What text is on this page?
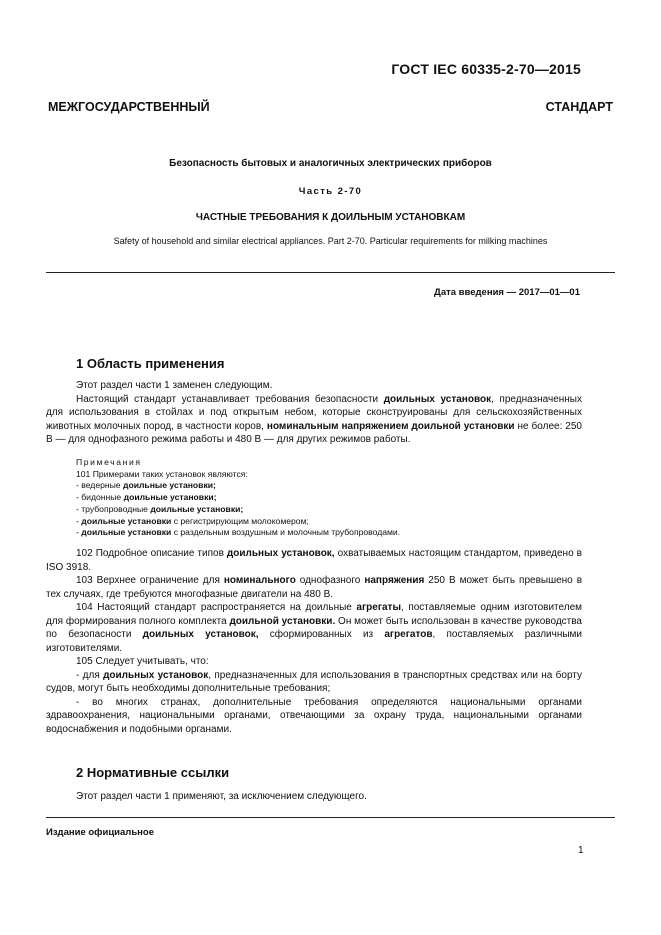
ГОСТ IEC 60335-2-70—2015
МЕЖГОСУДАРСТВЕННЫЙ СТАНДАРТ
Безопасность бытовых и аналогичных электрических приборов
Часть 2-70
ЧАСТНЫЕ ТРЕБОВАНИЯ К ДОИЛЬНЫМ УСТАНОВКАМ
Safety of household and similar electrical appliances. Part 2-70. Particular requirements for milking machines
Дата введения — 2017—01—01
1 Область применения
Этот раздел части 1 заменен следующим.
Настоящий стандарт устанавливает требования безопасности доильных установок, предназначенных для использования в стойлах и под открытым небом, которые сконструированы для сельскохозяйственных животных молочных пород, в частности коров, номинальным напряжением доильной установки не более: 250 В — для однофазного режима работы и 480 В — для других режимов работы.
Примечания
101 Примерами таких установок являются:
- ведерные доильные установки;
- бидонные доильные установки;
- трубопроводные доильные установки;
- доильные установки с регистрирующим молокомером;
- доильные установки с раздельным воздушным и молочным трубопроводами.
102 Подробное описание типов доильных установок, охватываемых настоящим стандартом, приведено в ISO 3918.
103 Верхнее ограничение для номинального однофазного напряжения 250 В может быть превышено в тех случаях, где требуются многофазные двигатели на 480 В.
104 Настоящий стандарт распространяется на доильные агрегаты, поставляемые одним изготовителем для формирования полного комплекта доильной установки. Он может быть использован в качестве руководства по безопасности доильных установок, сформированных из агрегатов, поставляемых различными изготовителями.
105 Следует учитывать, что:
- для доильных установок, предназначенных для использования в транспортных средствах или на борту судов, могут быть необходимы дополнительные требования;
- во многих странах, дополнительные требования определяются национальными органами здравоохранения, национальными органами, отвечающими за охрану труда, национальными органами водоснабжения и подобными органами.
2 Нормативные ссылки
Этот раздел части 1 применяют, за исключением следующего.
Издание официальное
1
